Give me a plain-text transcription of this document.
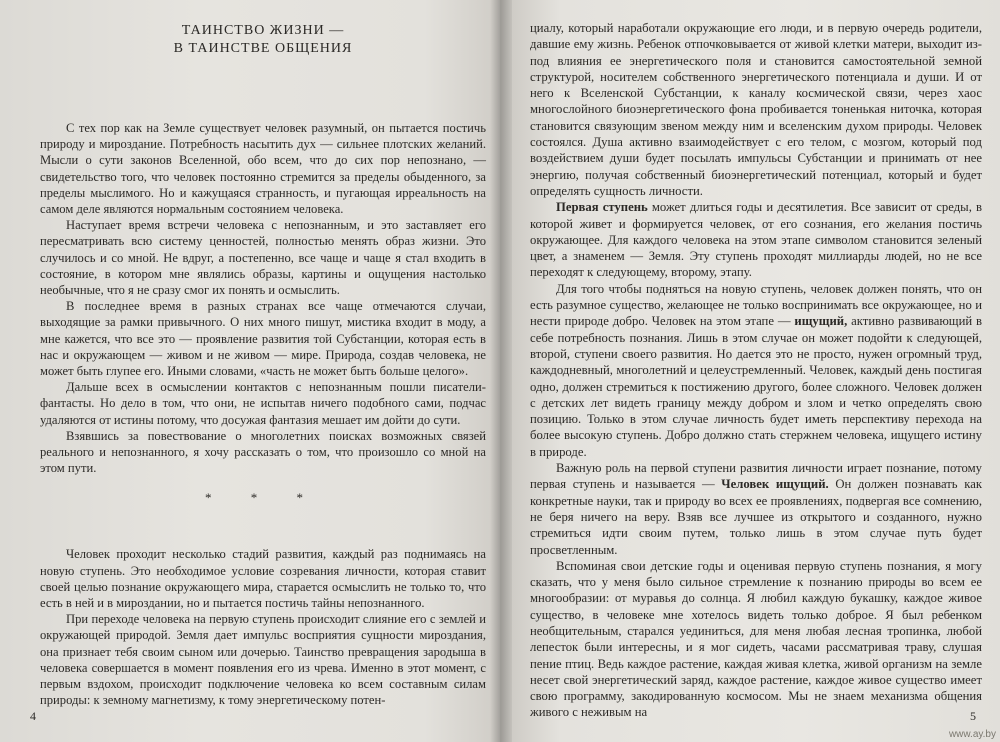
ТАИНСТВО ЖИЗНИ —
В ТАИНСТВЕ ОБЩЕНИЯ

С тех пор как на Земле существует человек разумный, он пытается постичь природу и мироздание. Потребность насытить дух — сильнее плотских желаний. Мысли о сути законов Вселенной, обо всем, что до сих пор непознано, — свидетельство того, что человек постоянно стремится за пределы обыденного, за пределы мыслимого. Но и кажущаяся странность, и пугающая ирреальность на самом деле являются нормальным состоянием человека.

Наступает время встречи человека с непознанным, и это заставляет его пересматривать всю систему ценностей, полностью менять образ жизни. Это случилось и со мной. Не вдруг, а постепенно, все чаще и чаще я стал входить в состояние, в котором мне являлись образы, картины и ощущения настолько необычные, что я не сразу смог их понять и осмыслить.

В последнее время в разных странах все чаще отмечаются случаи, выходящие за рамки привычного. О них много пишут, мистика входит в моду, а мне кажется, что все это — проявление развития той Субстанции, которая есть в нас и окружающем — живом и не живом — мире. Природа, создав человека, не может быть глупее его. Иными словами, «часть не может быть больше целого».

Дальше всех в осмыслении контактов с непознанным пошли писатели-фантасты. Но дело в том, что они, не испытав ничего подобного сами, подчас удаляются от истины потому, что досужая фантазия мешает им дойти до сути.

Взявшись за повествование о многолетних поисках возможных связей реального и непознанного, я хочу рассказать о том, что произошло со мной на этом пути.

* * *

Человек проходит несколько стадий развития, каждый раз поднимаясь на новую ступень. Это необходимое условие созревания личности, которая ставит своей целью познание окружающего мира, старается осмыслить не только то, что есть в ней и в мироздании, но и пытается постичь тайны непознанного.

При переходе человека на первую ступень происходит слияние его с землей и окружающей природой. Земля дает импульс восприятия сущности мироздания, она признает тебя своим сыном или дочерью. Таинство превращения зародыша в человека совершается в момент появления его из чрева. Именно в этот момент, с первым вздохом, происходит подключение человека ко всем составным силам природы: к земному магнетизму, к тому энергетическому потен-

4

циалу, который наработали окружающие его люди, и в первую очередь родители, давшие ему жизнь. Ребенок отпочковывается от живой клетки матери, выходит из-под влияния ее энергетического поля и становится самостоятельной земной структурой, носителем собственного энергетического потенциала и души. И от него к Вселенской Субстанции, к каналу космической связи, через хаос многослойного биоэнергетического фона пробивается тоненькая ниточка, которая становится связующим звеном между ним и вселенским духом природы. Человек состоялся. Душа активно взаимодействует с его телом, с мозгом, который под воздействием души будет посылать импульсы Субстанции и принимать от нее энергию, получая собственный биоэнергетический потенциал, который и будет определять сущность личности.

Первая ступень может длиться годы и десятилетия. Все зависит от среды, в которой живет и формируется человек, от его сознания, его желания постичь окружающее. Для каждого человека на этом этапе символом становится зеленый цвет, а знаменем — Земля. Эту ступень проходят миллиарды людей, но не все переходят к следующему, второму, этапу.

Для того чтобы подняться на новую ступень, человек должен понять, что он есть разумное существо, желающее не только воспринимать все окружающее, но и нести природе добро. Человек на этом этапе — ищущий, активно развивающий в себе потребность познания. Лишь в этом случае он может подойти к следующей, второй, ступени своего развития. Но дается это не просто, нужен огромный труд, каждодневный, многолетний и целеустремленный. Человек, каждый день постигая одно, должен стремиться к постижению другого, более сложного. Человек должен с детских лет видеть границу между добром и злом и четко определять свою позицию. Только в этом случае личность будет иметь перспективу перехода на более высокую ступень. Добро должно стать стержнем человека, ищущего истину в природе.

Важную роль на первой ступени развития личности играет познание, потому первая ступень и называется — Человек ищущий. Он должен познавать как конкретные науки, так и природу во всех ее проявлениях, подвергая все сомнению, не беря ничего на веру. Взяв все лучшее из открытого и созданного, нужно стремиться идти своим путем, только лишь в этом случае путь будет просветленным.

Вспоминая свои детские годы и оценивая первую ступень познания, я могу сказать, что у меня было сильное стремление к познанию природы во всем ее многообразии: от муравья до солнца. Я любил каждую букашку, каждое живое существо, в человеке мне хотелось видеть только доброе. Я был ребенком необщительным, старался уединиться, для меня любая лесная тропинка, любой лепесток были интересны, и я мог сидеть, часами рассматривая траву, слушая пение птиц. Ведь каждое растение, каждая живая клетка, живой организм на земле несет свой энергетический заряд, каждое растение, каждое живое существо имеет свою программу, закодированную космосом. Мы не знаем механизма общения живого с неживым на	5
www.ay.by
